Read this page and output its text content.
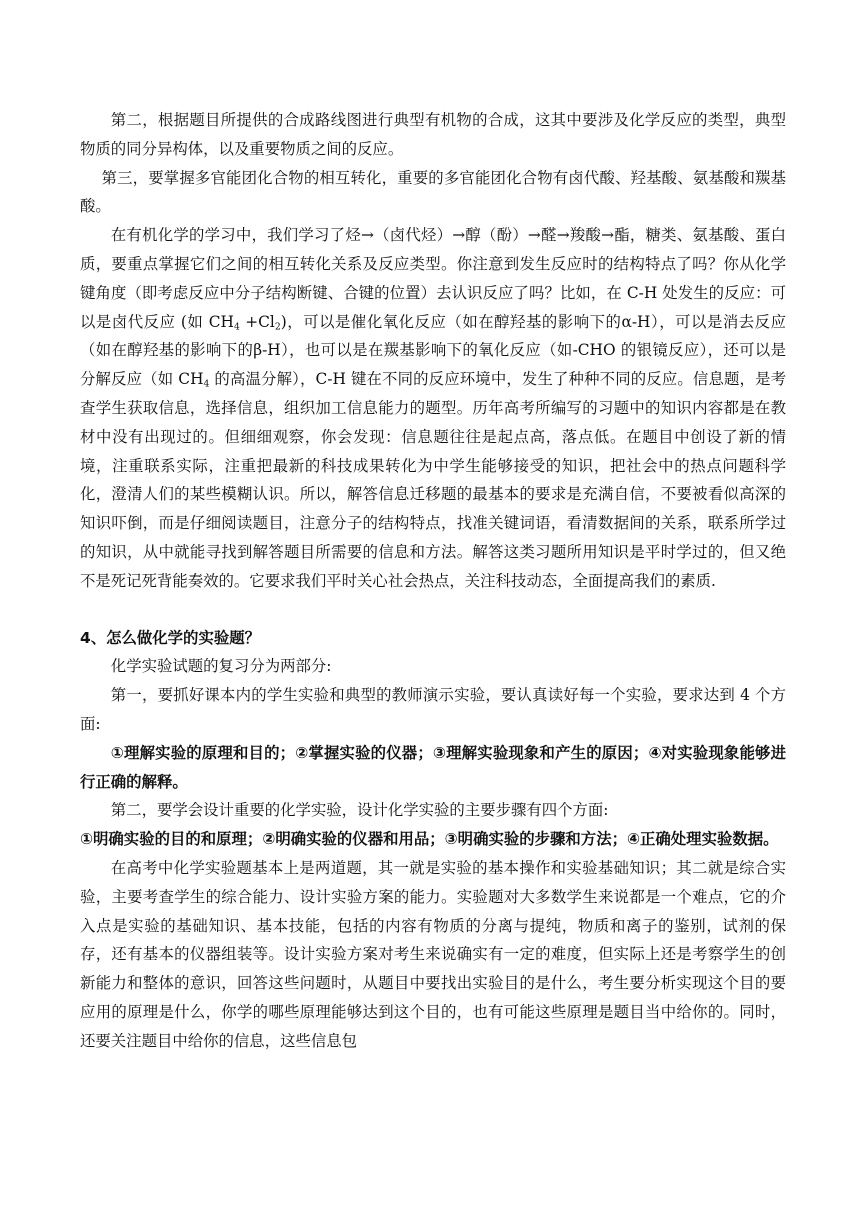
第二，根据题目所提供的合成路线图进行典型有机物的合成，这其中要涉及化学反应的类型，典型物质的同分异构体，以及重要物质之间的反应。

第三，要掌握多官能团化合物的相互转化，重要的多官能团化合物有卤代酸、羟基酸、氨基酸和羰基酸。

在有机化学的学习中，我们学习了烃→（卤代烃）→醇（酚）→醛→羧酸→酯，糖类、氨基酸、蛋白质，要重点掌握它们之间的相互转化关系及反应类型。你注意到发生反应时的结构特点了吗？你从化学键角度（即考虑反应中分子结构断键、合键的位置）去认识反应了吗？比如，在 C-H 处发生的反应：可以是卤代反应 (如 $CH_4 +Cl_2$)，可以是催化氧化反应（如在醇羟基的影响下的α-H），可以是消去反应（如在醇羟基的影响下的β-H），也可以是在羰基影响下的氧化反应（如-CHO 的银镜反应），还可以是分解反应（如 $CH_4$ 的高温分解），C-H 键在不同的反应环境中，发生了种种不同的反应。信息题，是考查学生获取信息，选择信息，组织加工信息能力的题型。历年高考所编写的习题中的知识内容都是在教材中没有出现过的。但细细观察，你会发现：信息题往往是起点高，落点低。在题目中创设了新的情境，注重联系实际，注重把最新的科技成果转化为中学生能够接受的知识，把社会中的热点问题科学化，澄清人们的某些模糊认识。所以，解答信息迁移题的最基本的要求是充满自信，不要被看似高深的知识吓倒，而是仔细阅读题目，注意分子的结构特点，找准关键词语，看清数据间的关系，联系所学过的知识，从中就能寻找到解答题目所需要的信息和方法。解答这类习题所用知识是平时学过的，但又绝不是死记死背能奏效的。它要求我们平时关心社会热点，关注科技动态，全面提高我们的素质.

4、怎么做化学的实验题？

化学实验试题的复习分为两部分:

第一，要抓好课本内的学生实验和典型的教师演示实验，要认真读好每一个实验，要求达到 4 个方面:

①理解实验的原理和目的；②掌握实验的仪器；③理解实验现象和产生的原因；④对实验现象能够进行正确的解释。

第二，要学会设计重要的化学实验，设计化学实验的主要步骤有四个方面:

①明确实验的目的和原理；②明确实验的仪器和用品；③明确实验的步骤和方法；④正确处理实验数据。

在高考中化学实验题基本上是两道题，其一就是实验的基本操作和实验基础知识；其二就是综合实验，主要考查学生的综合能力、设计实验方案的能力。实验题对大多数学生来说都是一个难点，它的介入点是实验的基础知识、基本技能，包括的内容有物质的分离与提纯，物质和离子的鉴别，试剂的保存，还有基本的仪器组装等。设计实验方案对考生来说确实有一定的难度，但实际上还是考察学生的创新能力和整体的意识，回答这些问题时，从题目中要找出实验目的是什么，考生要分析实现这个目的要应用的原理是什么，你学的哪些原理能够达到这个目的，也有可能这些原理是题目当中给你的。同时，还要关注题目中给你的信息，这些信息包
